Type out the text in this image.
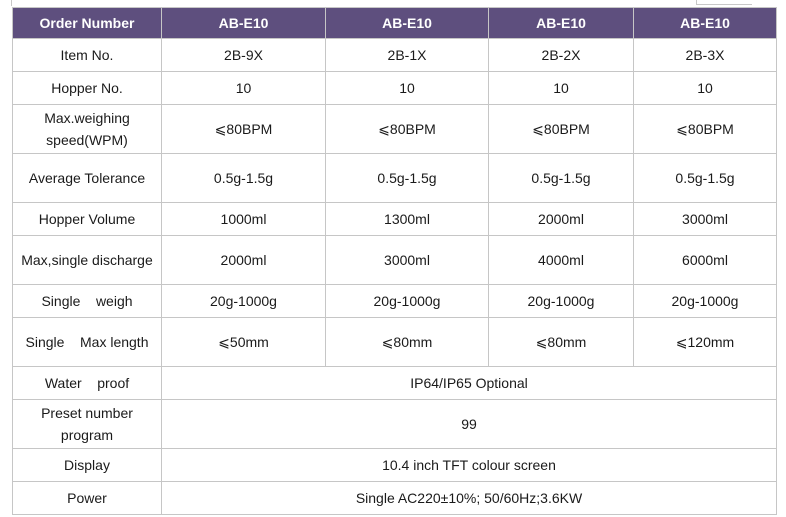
Order Number	AB-E10	AB-E10	AB-E10	AB-E10
Item No.	2B-9X	2B-1X	2B-2X	2B-3X
Hopper No.	10	10	10	10
Max.weighing speed(WPM)	⩽80BPM	⩽80BPM	⩽80BPM	⩽80BPM
Average Tolerance	0.5g-1.5g	0.5g-1.5g	0.5g-1.5g	0.5g-1.5g
Hopper Volume	1000ml	1300ml	2000ml	3000ml
Max,single discharge	2000ml	3000ml	4000ml	6000ml
Single    weigh	20g-1000g	20g-1000g	20g-1000g	20g-1000g
Single    Max length	⩽50mm	⩽80mm	⩽80mm	⩽120mm
Water    proof	IP64/IP65 Optional			
Preset number program	99			
Display	10.4 inch TFT colour screen			
Power	Single AC220±10%; 50/60Hz;3.6KW			
